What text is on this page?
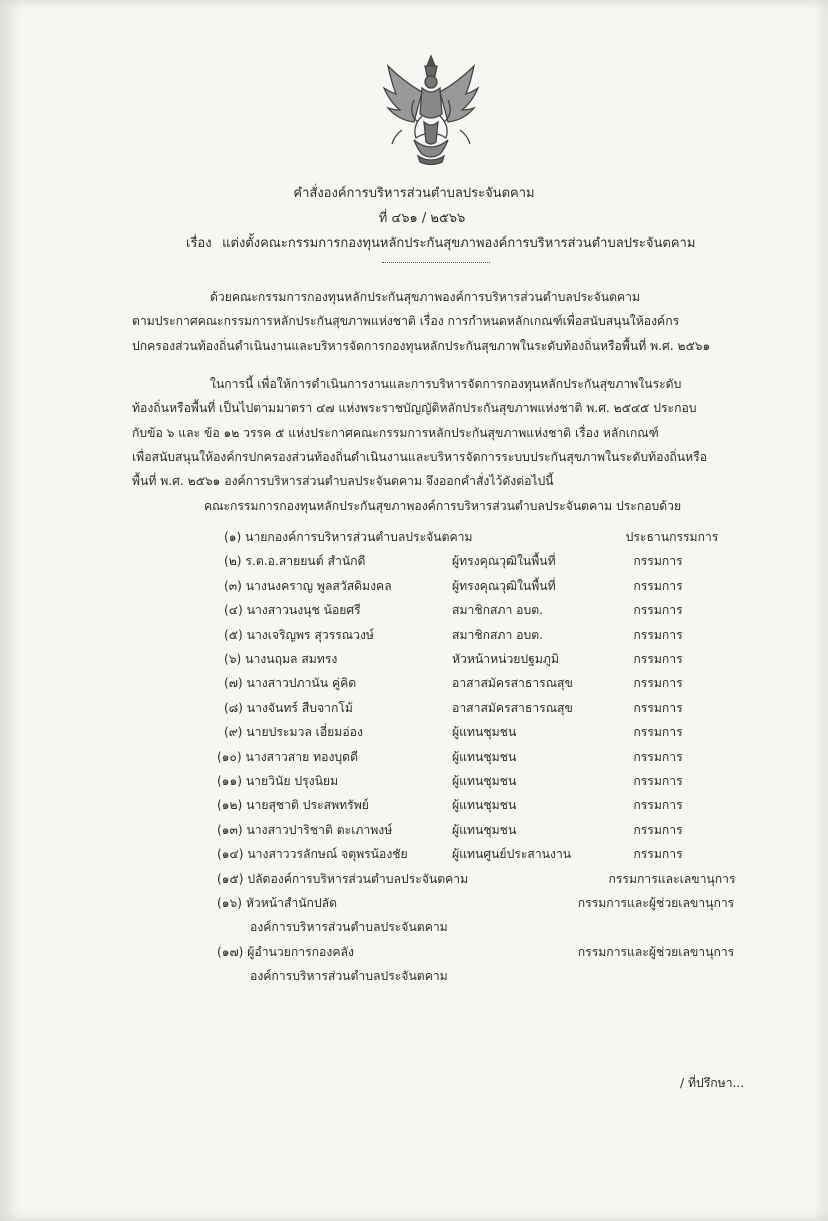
คำสั่งองค์การบริหารส่วนตำบลประจันตคาม
ที่ ๔๖๑ / ๒๕๖๖
เรื่อง แต่งตั้งคณะกรรมการกองทุนหลักประกันสุขภาพองค์การบริหารส่วนตำบลประจันตคาม
ด้วยคณะกรรมการกองทุนหลักประกันสุขภาพองค์การบริหารส่วนตำบลประจันตคาม
ตามประกาศคณะกรรมการหลักประกันสุขภาพแห่งชาติ เรื่อง การกำหนดหลักเกณฑ์เพื่อสนับสนุนให้องค์กร
ปกครองส่วนท้องถิ่นดำเนินงานและบริหารจัดการกองทุนหลักประกันสุขภาพในระดับท้องถิ่นหรือพื้นที่ พ.ศ. ๒๕๖๑
ในการนี้ เพื่อให้การดำเนินการงานและการบริหารจัดการกองทุนหลักประกันสุขภาพในระดับ
ท้องถิ่นหรือพื้นที่ เป็นไปตามมาตรา ๔๗ แห่งพระราชบัญญัติหลักประกันสุขภาพแห่งชาติ พ.ศ. ๒๕๔๕ ประกอบ
กับข้อ ๖ และ ข้อ ๑๒ วรรค ๕ แห่งประกาศคณะกรรมการหลักประกันสุขภาพแห่งชาติ เรื่อง หลักเกณฑ์
เพื่อสนับสนุนให้องค์กรปกครองส่วนท้องถิ่นดำเนินงานและบริหารจัดการระบบประกันสุขภาพในระดับท้องถิ่นหรือ
พื้นที่ พ.ศ. ๒๕๖๑ องค์การบริหารส่วนตำบลประจันตคาม จึงออกคำสั่งไว้ดังต่อไปนี้
คณะกรรมการกองทุนหลักประกันสุขภาพองค์การบริหารส่วนตำบลประจันตคาม ประกอบด้วย
(๑) นายกองค์การบริหารส่วนตำบลประจันตคาม	ประธานกรรมการ
(๒) ร.ต.อ.สายยนต์ สำนักดี	ผู้ทรงคุณวุฒิในพื้นที่	กรรมการ
(๓) นางนงคราญ พูลสวัสดิมงคล	ผู้ทรงคุณวุฒิในพื้นที่	กรรมการ
(๔) นางสาวนงนุช น้อยศรี	สมาชิกสภา อบต.	กรรมการ
(๕) นางเจริญพร สุวรรณวงษ์	สมาชิกสภา อบต.	กรรมการ
(๖) นางนฤมล สมทรง	หัวหน้าหน่วยปฐมภูมิ	กรรมการ
(๗) นางสาวปภานัน คู่คิด	อาสาสมัครสาธารณสุข	กรรมการ
(๘) นางจันทร์ สืบจากโม้	อาสาสมัครสาธารณสุข	กรรมการ
(๙) นายประมวล เอี่ยมอ่อง	ผู้แทนชุมชน	กรรมการ
(๑๐) นางสาวสาย ทองบุดดี	ผู้แทนชุมชน	กรรมการ
(๑๑) นายวินัย ปรุงนิยม	ผู้แทนชุมชน	กรรมการ
(๑๒) นายสุชาติ ประสพทรัพย์	ผู้แทนชุมชน	กรรมการ
(๑๓) นางสาวปาริชาติ ตะเภาพงษ์	ผู้แทนชุมชน	กรรมการ
(๑๔) นางสาววรลักษณ์ จตุพรน้องชัย	ผู้แทนศูนย์ประสานงาน	กรรมการ
(๑๕) ปลัดองค์การบริหารส่วนตำบลประจันตคาม	กรรมการและเลขานุการ
(๑๖) หัวหน้าสำนักปลัด	กรรมการและผู้ช่วยเลขานุการ
องค์การบริหารส่วนตำบลประจันตคาม
(๑๗) ผู้อำนวยการกองคลัง	กรรมการและผู้ช่วยเลขานุการ
องค์การบริหารส่วนตำบลประจันตคาม
/ ที่ปรึกษา...
